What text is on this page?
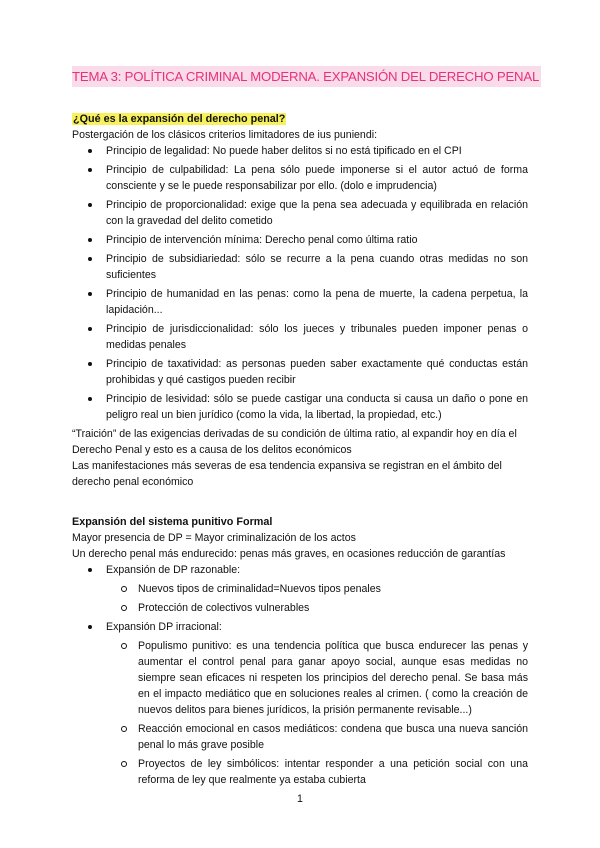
TEMA 3: POLÍTICA CRIMINAL MODERNA. EXPANSIÓN DEL DERECHO PENAL
¿Qué es la expansión del derecho penal?

Postergación de los clásicos criterios limitadores de ius puniendi:

Principio de legalidad: No puede haber delitos si no está tipificado en el CPI
Principio de culpabilidad: La pena sólo puede imponerse si el autor actuó de forma consciente y se le puede responsabilizar por ello. (dolo e imprudencia)
Principio de proporcionalidad: exige que la pena sea adecuada y equilibrada en relación con la gravedad del delito cometido
Principio de intervención mínima: Derecho penal como última ratio
Principio de subsidiariedad: sólo se recurre a la pena cuando otras medidas no son suficientes
Principio de humanidad en las penas: como la pena de muerte, la cadena perpetua, la lapidación...
Principio de jurisdiccionalidad: sólo los jueces y tribunales pueden imponer penas o medidas penales
Principio de taxatividad: as personas pueden saber exactamente qué conductas están prohibidas y qué castigos pueden recibir
Principio de lesividad: sólo se puede castigar una conducta si causa un daño o pone en peligro real un bien jurídico (como la vida, la libertad, la propiedad, etc.)

“Traición” de las exigencias derivadas de su condición de última ratio, al expandir hoy en día el Derecho Penal y esto es a causa de los delitos económicos

Las manifestaciones más severas de esa tendencia expansiva se registran en el ámbito del derecho penal económico

Expansión del sistema punitivo Formal

Mayor presencia de DP = Mayor criminalización de los actos

Un derecho penal más endurecido: penas más graves, en ocasiones reducción de garantías

Expansión de DP razonable:
Nuevos tipos de criminalidad=Nuevos tipos penales
Protección de colectivos vulnerables
Expansión DP irracional:
Populismo punitivo: es una tendencia política que busca endurecer las penas y aumentar el control penal para ganar apoyo social, aunque esas medidas no siempre sean eficaces ni respeten los principios del derecho penal. Se basa más en el impacto mediático que en soluciones reales al crimen. ( como la creación de nuevos delitos para bienes jurídicos, la prisión permanente revisable...)
Reacción emocional en casos mediáticos: condena que busca una nueva sanción penal lo más grave posible
Proyectos de ley simbólicos: intentar responder a una petición social con una reforma de ley que realmente ya estaba cubierta
1
